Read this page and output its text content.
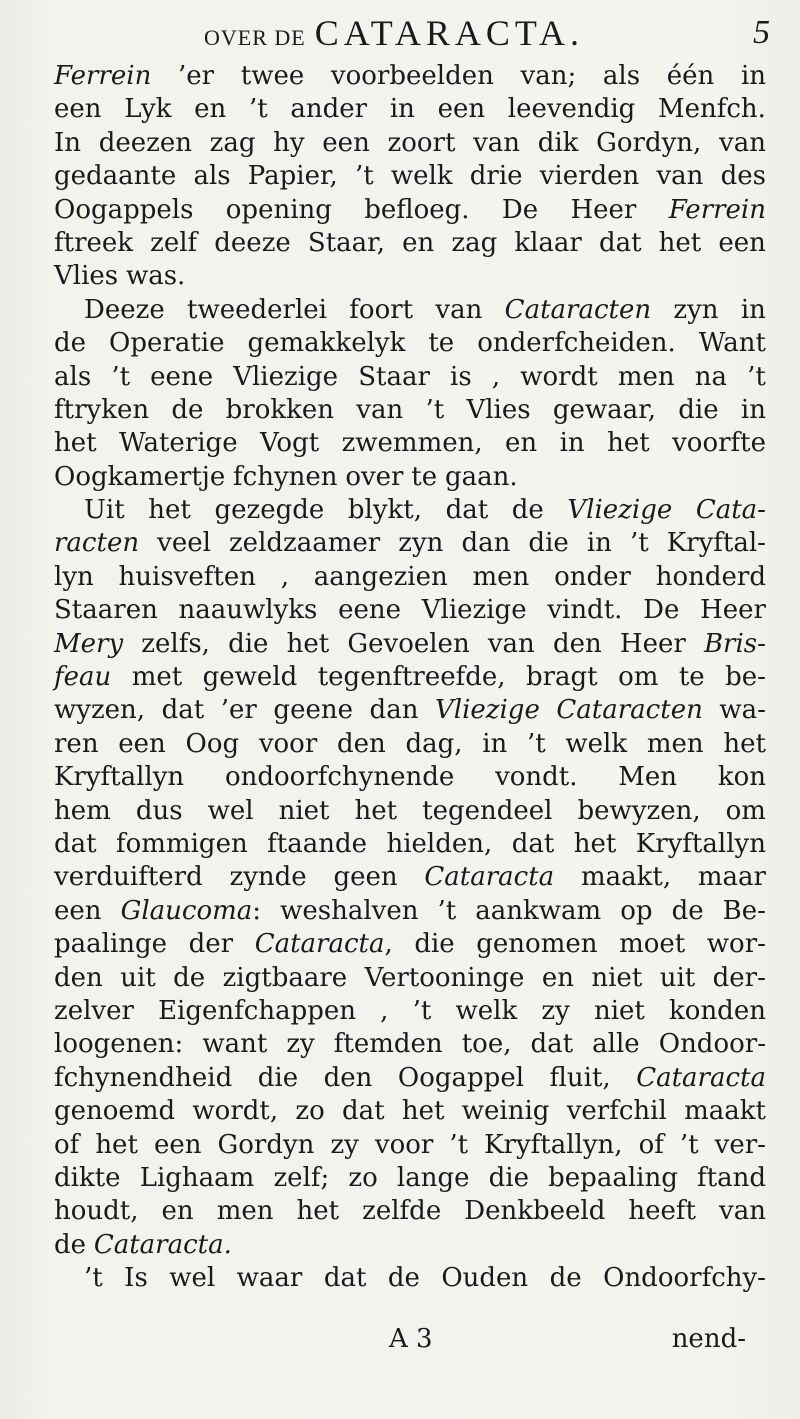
OVER DE CATARACTA.	5
Ferrein ’er twee voorbeelden van; als één in
een Lyk en ’t ander in een leevendig Menfch.
In deezen zag hy een zoort van dik Gordyn, van
gedaante als Papier, ’t welk drie vierden van des
Oogappels opening befloeg. De Heer Ferrein
ftreek zelf deeze Staar, en zag klaar dat het een
Vlies was.
Deeze tweederlei foort van Cataracten zyn in
de Operatie gemakkelyk te onderfcheiden. Want
als ’t eene Vliezige Staar is , wordt men na ’t
ftryken de brokken van ’t Vlies gewaar, die in
het Waterige Vogt zwemmen, en in het voorfte
Oogkamertje fchynen over te gaan.
Uit het gezegde blykt, dat de Vliezige Cata-
racten veel zeldzaamer zyn dan die in ’t Kryftal-
lyn huisveften , aangezien men onder honderd
Staaren naauwlyks eene Vliezige vindt. De Heer
Mery zelfs, die het Gevoelen van den Heer Bris-
feau met geweld tegenftreefde, bragt om te be-
wyzen, dat ’er geene dan Vliezige Cataracten wa-
ren een Oog voor den dag, in ’t welk men het
Kryftallyn ondoorfchynende vondt. Men kon
hem dus wel niet het tegendeel bewyzen, om
dat fommigen ftaande hielden, dat het Kryftallyn
verduifterd zynde geen Cataracta maakt, maar
een Glaucoma: weshalven ’t aankwam op de Be-
paalinge der Cataracta, die genomen moet wor-
den uit de zigtbaare Vertooninge en niet uit der-
zelver Eigenfchappen , ’t welk zy niet konden
loogenen: want zy ftemden toe, dat alle Ondoor-
fchynendheid die den Oogappel fluit, Cataracta
genoemd wordt, zo dat het weinig verfchil maakt
of het een Gordyn zy voor ’t Kryftallyn, of ’t ver-
dikte Lighaam zelf; zo lange die bepaaling ftand
houdt, en men het zelfde Denkbeeld heeft van
de Cataracta.
’t Is wel waar dat de Ouden de Ondoorfchy-
A 3	nend-
